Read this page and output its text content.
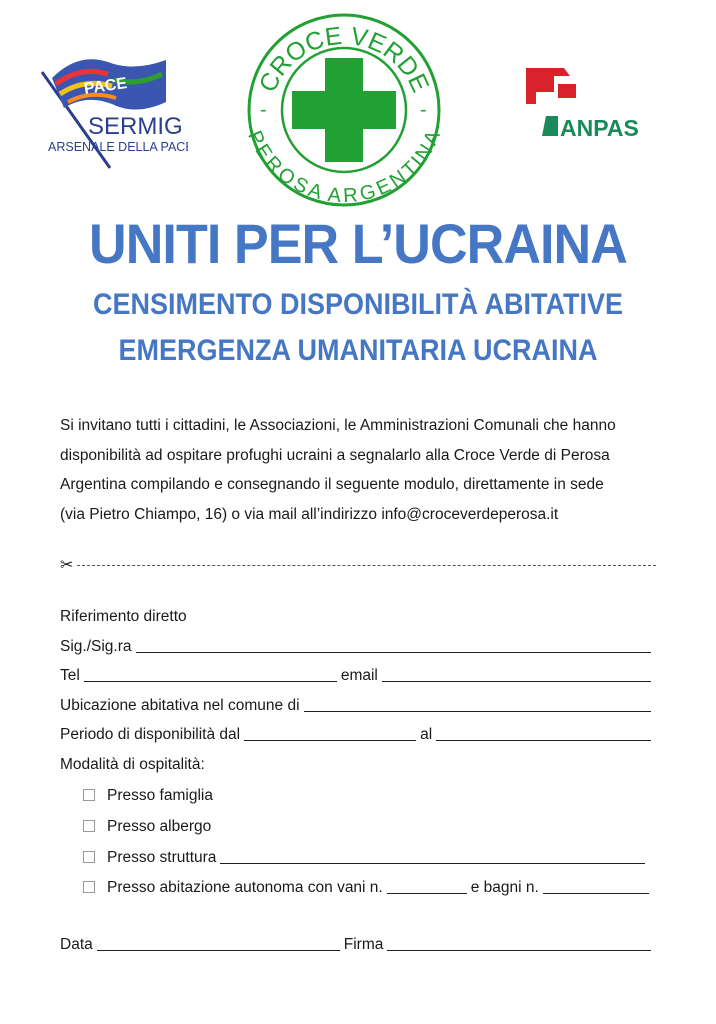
PACE
SERMIG
ARSENALE DELLA PACE
CROCE VERDE
EROSA ARGENTIN
-	-
ANPAS
UNITI PER L’UCRAINA
CENSIMENTO DISPONIBILITÀ ABITATIVE
EMERGENZA UMANITARIA UCRAINA
Si invitano tutti i cittadini, le Associazioni, le Amministrazioni Comunali che hanno
disponibilità ad ospitare profughi ucraini a segnalarlo alla Croce Verde di Perosa
Argentina compilando e consegnando il seguente modulo, direttamente in sede
(via Pietro Chiampo, 16) o via mail all’indirizzo info@croceverdeperosa.it
✂
Riferimento diretto
Sig./Sig.ra
Tel	email
Ubicazione abitativa nel comune di
Periodo di disponibilità dal	al
Modalità di ospitalità:
Presso famiglia
Presso albergo
Presso struttura
Presso abitazione autonoma con vani n.	e bagni n.
Data	Firma
